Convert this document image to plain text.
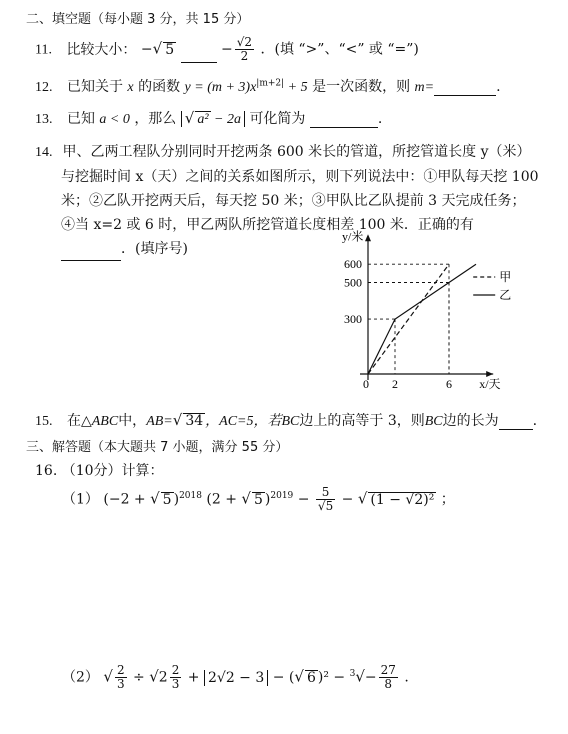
二、填空题（每小题 3 分，共 15 分）
11. 比较大小： −√ 5	− $\frac{√2}{2}$ ．(填 “>”、“<” 或 “=”)
12. 已知关于 x 的函数 $y = (m + 3)x^{|m+2|} + 5$ 是一次函数，则 m=	.
13. 已知 a < 0 ，那么 √ a² − 2a 可化简为	.
14. 甲、乙两工程队分别同时开挖两条 600 米长的管道，所挖管道长度 y（米）
与挖掘时间 x（天）之间的关系如图所示，则下列说法中：①甲队每天挖 100
米；②乙队开挖两天后，每天挖 50 米；③甲队比乙队提前 3 天完成任务；
④当 x=2 或 6 时，甲乙两队所挖管道长度相差 100 米．正确的有
．(填序号)
y/米
x/天
0 2	6
300
500
600
甲
乙
15. 在△ABC中，AB=√ 34 ，AC=5，若BC边上的高等于 3，则BC边的长为 .
三、解答题（本大题共 7 小题，满分 55 分）
16. （10分）计算：
（1） (−2 + √ 5 )$^{2018}$ (2 + √ 5 )$^{2019} - \frac{5}{√5}$ − √ (1 − √2)² ；
（2） √ $\frac{2}{3} \div √2 \frac{2}{3} + 2√2 - 3$ − (√ 6 )$^2 - ^3√- \frac{27}{8}$ .
